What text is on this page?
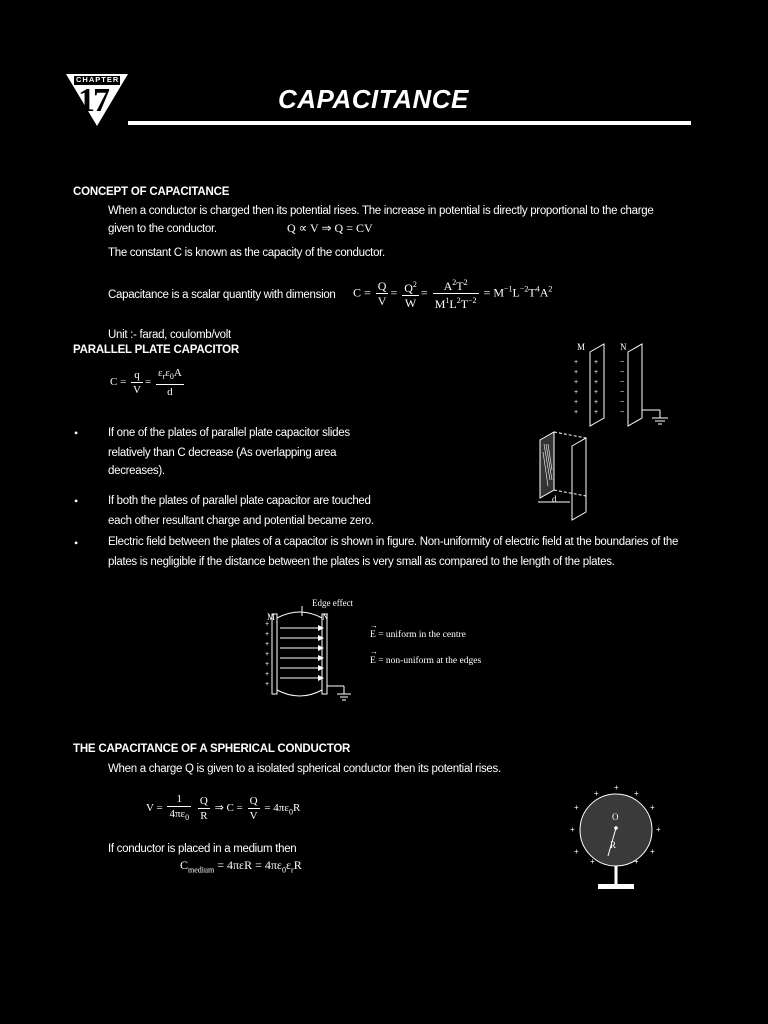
CHAPTER
17	CAPACITANCE
CONCEPT OF CAPACITANCE
When a conductor is charged then its potential rises. The increase in potential is directly proportional to the charge
given to the conductor.	Q ∝ V ⇒ Q = CV
The constant C is known as the capacity of the conductor.
Capacitance is a scalar quantity with dimension $C = \frac{Q}{V} = \frac{Q^2}{W} = \frac{A^2T^2}{M^1L^2T^{-2}} = M^{-1}L^{-2}T^4A^2$
Unit :- farad, coulomb/volt
PARALLEL PLATE CAPACITOR
$C = \frac{q}{V} = \frac{\varepsilon_r\varepsilon_0A}{d}$
•	If one of the plates of parallel plate capacitor slides
relatively than C decrease (As overlapping area
decreases).
•	If both the plates of parallel plate capacitor are touched
each other resultant charge and potential became zero.
•	Electric field between the plates of a capacitor is shown in figure. Non-uniformity of electric field at the boundaries of the
plates is negligible if the distance between the plates is very small as compared to the length of the plates.
+
+
+
+
+
+
+
+
+
+
+
+
−
−
−
−
−
−
M	N
d
+
+
+
+
+
+
+
Edge effect
M	N
E
→
= uniform in the centre
E
→
= non-uniform at the edges
THE CAPACITANCE OF A SPHERICAL CONDUCTOR
When a charge Q is given to a isolated spherical conductor then its potential rises.
$V = \frac{1}{4\pi\varepsilon_0}$
$\frac{Q}{R}$ ⇒ $C = \frac{Q}{V} = 4\pi\varepsilon_0R$
If conductor is placed in a medium then
$C_{medium} = 4\pi\varepsilon R = 4\pi\varepsilon_0\varepsilon_rR$
+
+
+
+
+
+
+
+
+
+
+
O
R
